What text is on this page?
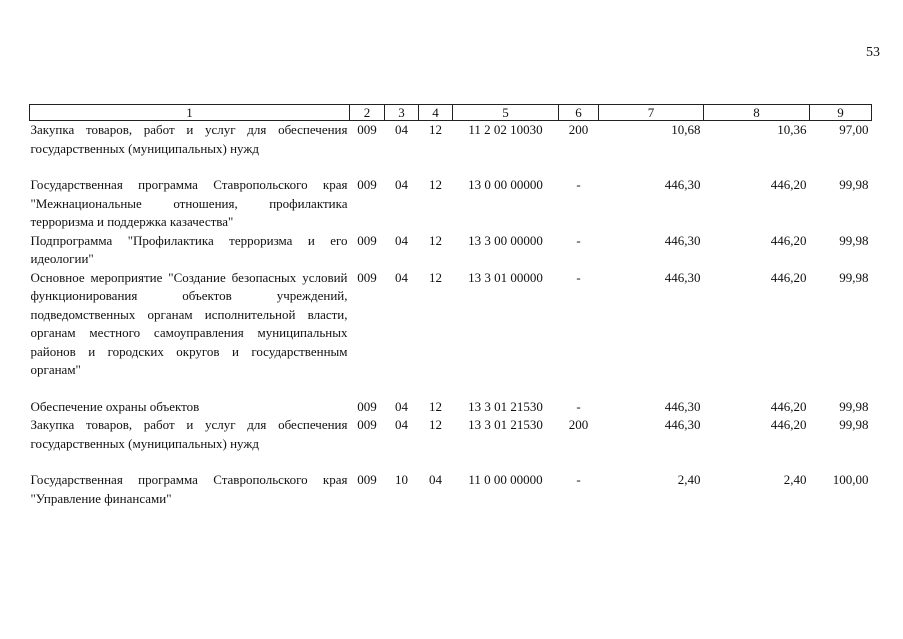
53
1	2	3	4	5	6	7	8	9
Закупка товаров, работ и услуг для обеспечения государственных (муниципальных) нужд	009	04	12	11 2 02 10030	200	10,68	10,36	97,00

Государственная программа Ставропольского края "Межнациональные отношения, профилактика терроризма и поддержка казачества"	009	04	12	13 0 00 00000	-	446,30	446,20	99,98
Подпрограмма "Профилактика терроризма и его идеологии"	009	04	12	13 3 00 00000	-	446,30	446,20	99,98
Основное мероприятие "Создание безопасных условий функционирования объектов учреждений, подведомственных органам исполнительной власти, органам местного самоуправления муниципальных районов и городских округов и государственным органам"	009	04	12	13 3 01 00000	-	446,30	446,20	99,98

Обеспечение охраны объектов	009	04	12	13 3 01 21530	-	446,30	446,20	99,98
Закупка товаров, работ и услуг для обеспечения государственных (муниципальных) нужд	009	04	12	13 3 01 21530	200	446,30	446,20	99,98

Государственная программа Ставропольского края "Управление финансами"	009	10	04	11 0 00 00000	-	2,40	2,40	100,00
